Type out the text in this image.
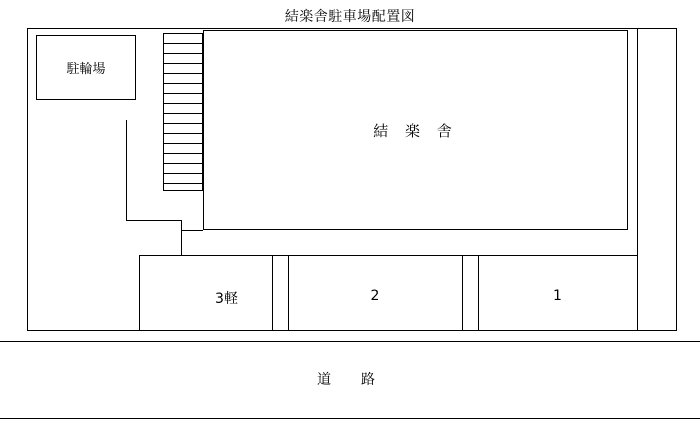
結楽舎駐車場配置図
駐輪場
結 楽 舎
3軽	2	1
道　路
